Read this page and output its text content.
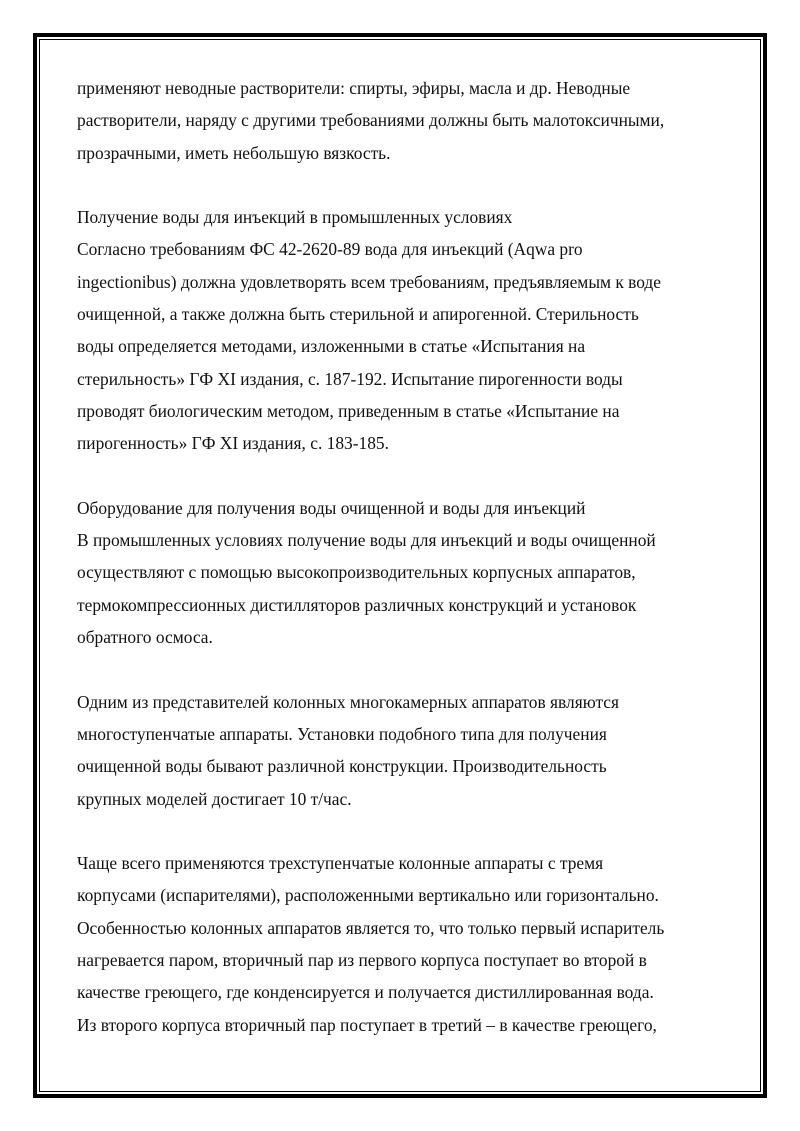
применяют неводные растворители: спирты, эфиры, масла и др. Неводные
растворители, наряду с другими требованиями должны быть малотоксичными,
прозрачными, иметь небольшую вязкость.

Получение воды для инъекций в промышленных условиях
Согласно требованиям ФС 42-2620-89 вода для инъекций (Aqwa pro
ingectionibus) должна удовлетворять всем требованиям, предъявляемым к воде
очищенной, а также должна быть стерильной и апирогенной. Стерильность
воды определяется методами, изложенными в статье «Испытания на
стерильность» ГФ XI издания, с. 187-192. Испытание пирогенности воды
проводят биологическим методом, приведенным в статье «Испытание на
пирогенность» ГФ XI издания, с. 183-185.

Оборудование для получения воды очищенной и воды для инъекций
В промышленных условиях получение воды для инъекций и воды очищенной
осуществляют с помощью высокопроизводительных корпусных аппаратов,
термокомпрессионных дистилляторов различных конструкций и установок
обратного осмоса.

Одним из представителей колонных многокамерных аппаратов являются
многоступенчатые аппараты. Установки подобного типа для получения
очищенной воды бывают различной конструкции. Производительность
крупных моделей достигает 10 т/час.

Чаще всего применяются трехступенчатые колонные аппараты с тремя
корпусами (испарителями), расположенными вертикально или горизонтально.
Особенностью колонных аппаратов является то, что только первый испаритель
нагревается паром, вторичный пар из первого корпуса поступает во второй в
качестве греющего, где конденсируется и получается дистиллированная вода.
Из второго корпуса вторичный пар поступает в третий – в качестве греющего,
